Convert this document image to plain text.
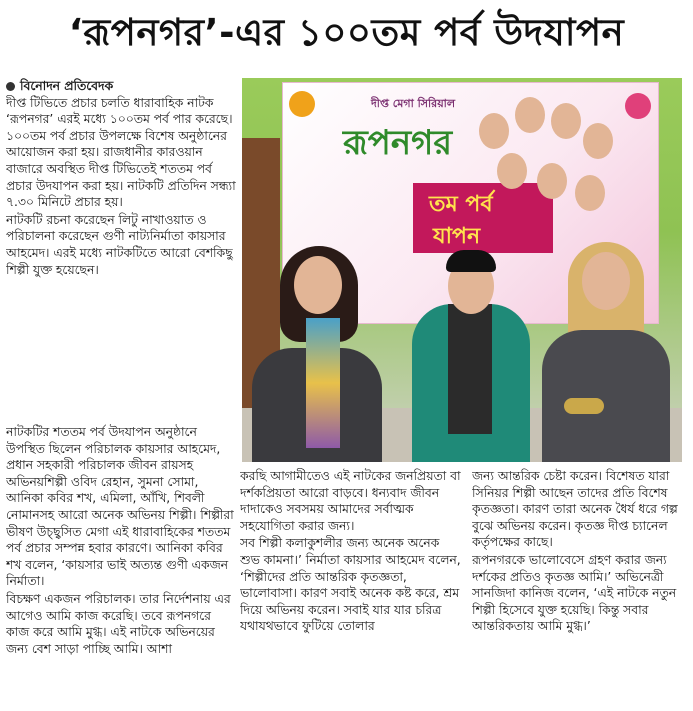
‘রূপনগর’-এর ১০০তম পর্ব উদযাপন
বিনোদন প্রতিবেদক

দীপ্ত টিভিতে প্রচার চলতি ধারাবাহিক নাটক ‘রূপনগর’ এরই মধ্যে ১০০তম পর্ব পার করেছে। ১০০তম পর্ব প্রচার উপলক্ষে বিশেষ অনুষ্ঠানের আয়োজন করা হয়। রাজধানীর কারওয়ান বাজারে অবস্থিত দীপ্ত টিভিতেই শততম পর্ব প্রচার উদযাপন করা হয়। নাটকটি প্রতিদিন সন্ধ্যা ৭.৩০ মিনিটে প্রচার হয়।

নাটকটি রচনা করেছেন লিটু নাখাওয়াত ও পরিচালনা করেছেন গুণী নাট্যনির্মাতা কায়সার আহমেদ। এরই মধ্যে নাটকটিতে আরো বেশকিছু শিল্পী যুক্ত হয়েছেন।

নাটকটির শততম পর্ব উদযাপন অনুষ্ঠানে উপস্থিত ছিলেন পরিচালক কায়সার আহমেদ, প্রধান সহকারী পরিচালক জীবন রায়সহ অভিনয়শিল্পী ওবিদ রেহান, সুমনা সোমা, আনিকা কবির শখ, এমিলা, আঁখি, শিবলী নোমানসহ আরো অনেক অভিনয় শিল্পী। শিল্পীরা ভীষণ উচ্ছ্বসিত মেগা এই ধারাবাহিকের শততম পর্ব প্রচার সম্পন্ন হবার কারণে। আনিকা কবির শখ বলেন, ‘কায়সার ভাই অত্যন্ত গুণী একজন নির্মাতা।

বিচক্ষণ একজন পরিচালক। তার নির্দেশনায় এর আগেও আমি কাজ করেছি। তবে রূপনগরে কাজ করে আমি মুগ্ধ। এই নাটকে অভিনয়ের জন্য বেশ সাড়া পাচ্ছি আমি। আশা

দীপ্ত মেগা সিরিয়াল
রূপনগর
তম পর্ব
যাপন

করছি আগামীতেও এই নাটকের জনপ্রিয়তা বা দর্শকপ্রিয়তা আরো বাড়বে। ধন্যবাদ জীবন দাদাকেও সবসময় আমাদের সর্বাত্মক সহযোগিতা করার জন্য।

সব শিল্পী কলাকুশলীর জন্য অনেক অনেক শুভ কামনা।’ নির্মাতা কায়সার আহমেদ বলেন, ‘শিল্পীদের প্রতি আন্তরিক কৃতজ্ঞতা, ভালোবাসা। কারণ সবাই অনেক কষ্ট করে, শ্রম দিয়ে অভিনয় করেন। সবাই যার যার চরিত্র যথাযথভাবে ফুটিয়ে তোলার

জন্য আন্তরিক চেষ্টা করেন। বিশেষত যারা সিনিয়র শিল্পী আছেন তাদের প্রতি বিশেষ কৃতজ্ঞতা। কারণ তারা অনেক ধৈর্য ধরে গল্প বুঝে অভিনয় করেন। কৃতজ্ঞ দীপ্ত চ্যানেল কর্তৃপক্ষের কাছে।

রূপনগরকে ভালোবেসে গ্রহণ করার জন্য দর্শকের প্রতিও কৃতজ্ঞ আমি।’ অভিনেত্রী সানজিদা কানিজ বলেন, ‘এই নাটকে নতুন শিল্পী হিসেবে যুক্ত হয়েছি। কিন্তু সবার আন্তরিকতায় আমি মুগ্ধ।’
